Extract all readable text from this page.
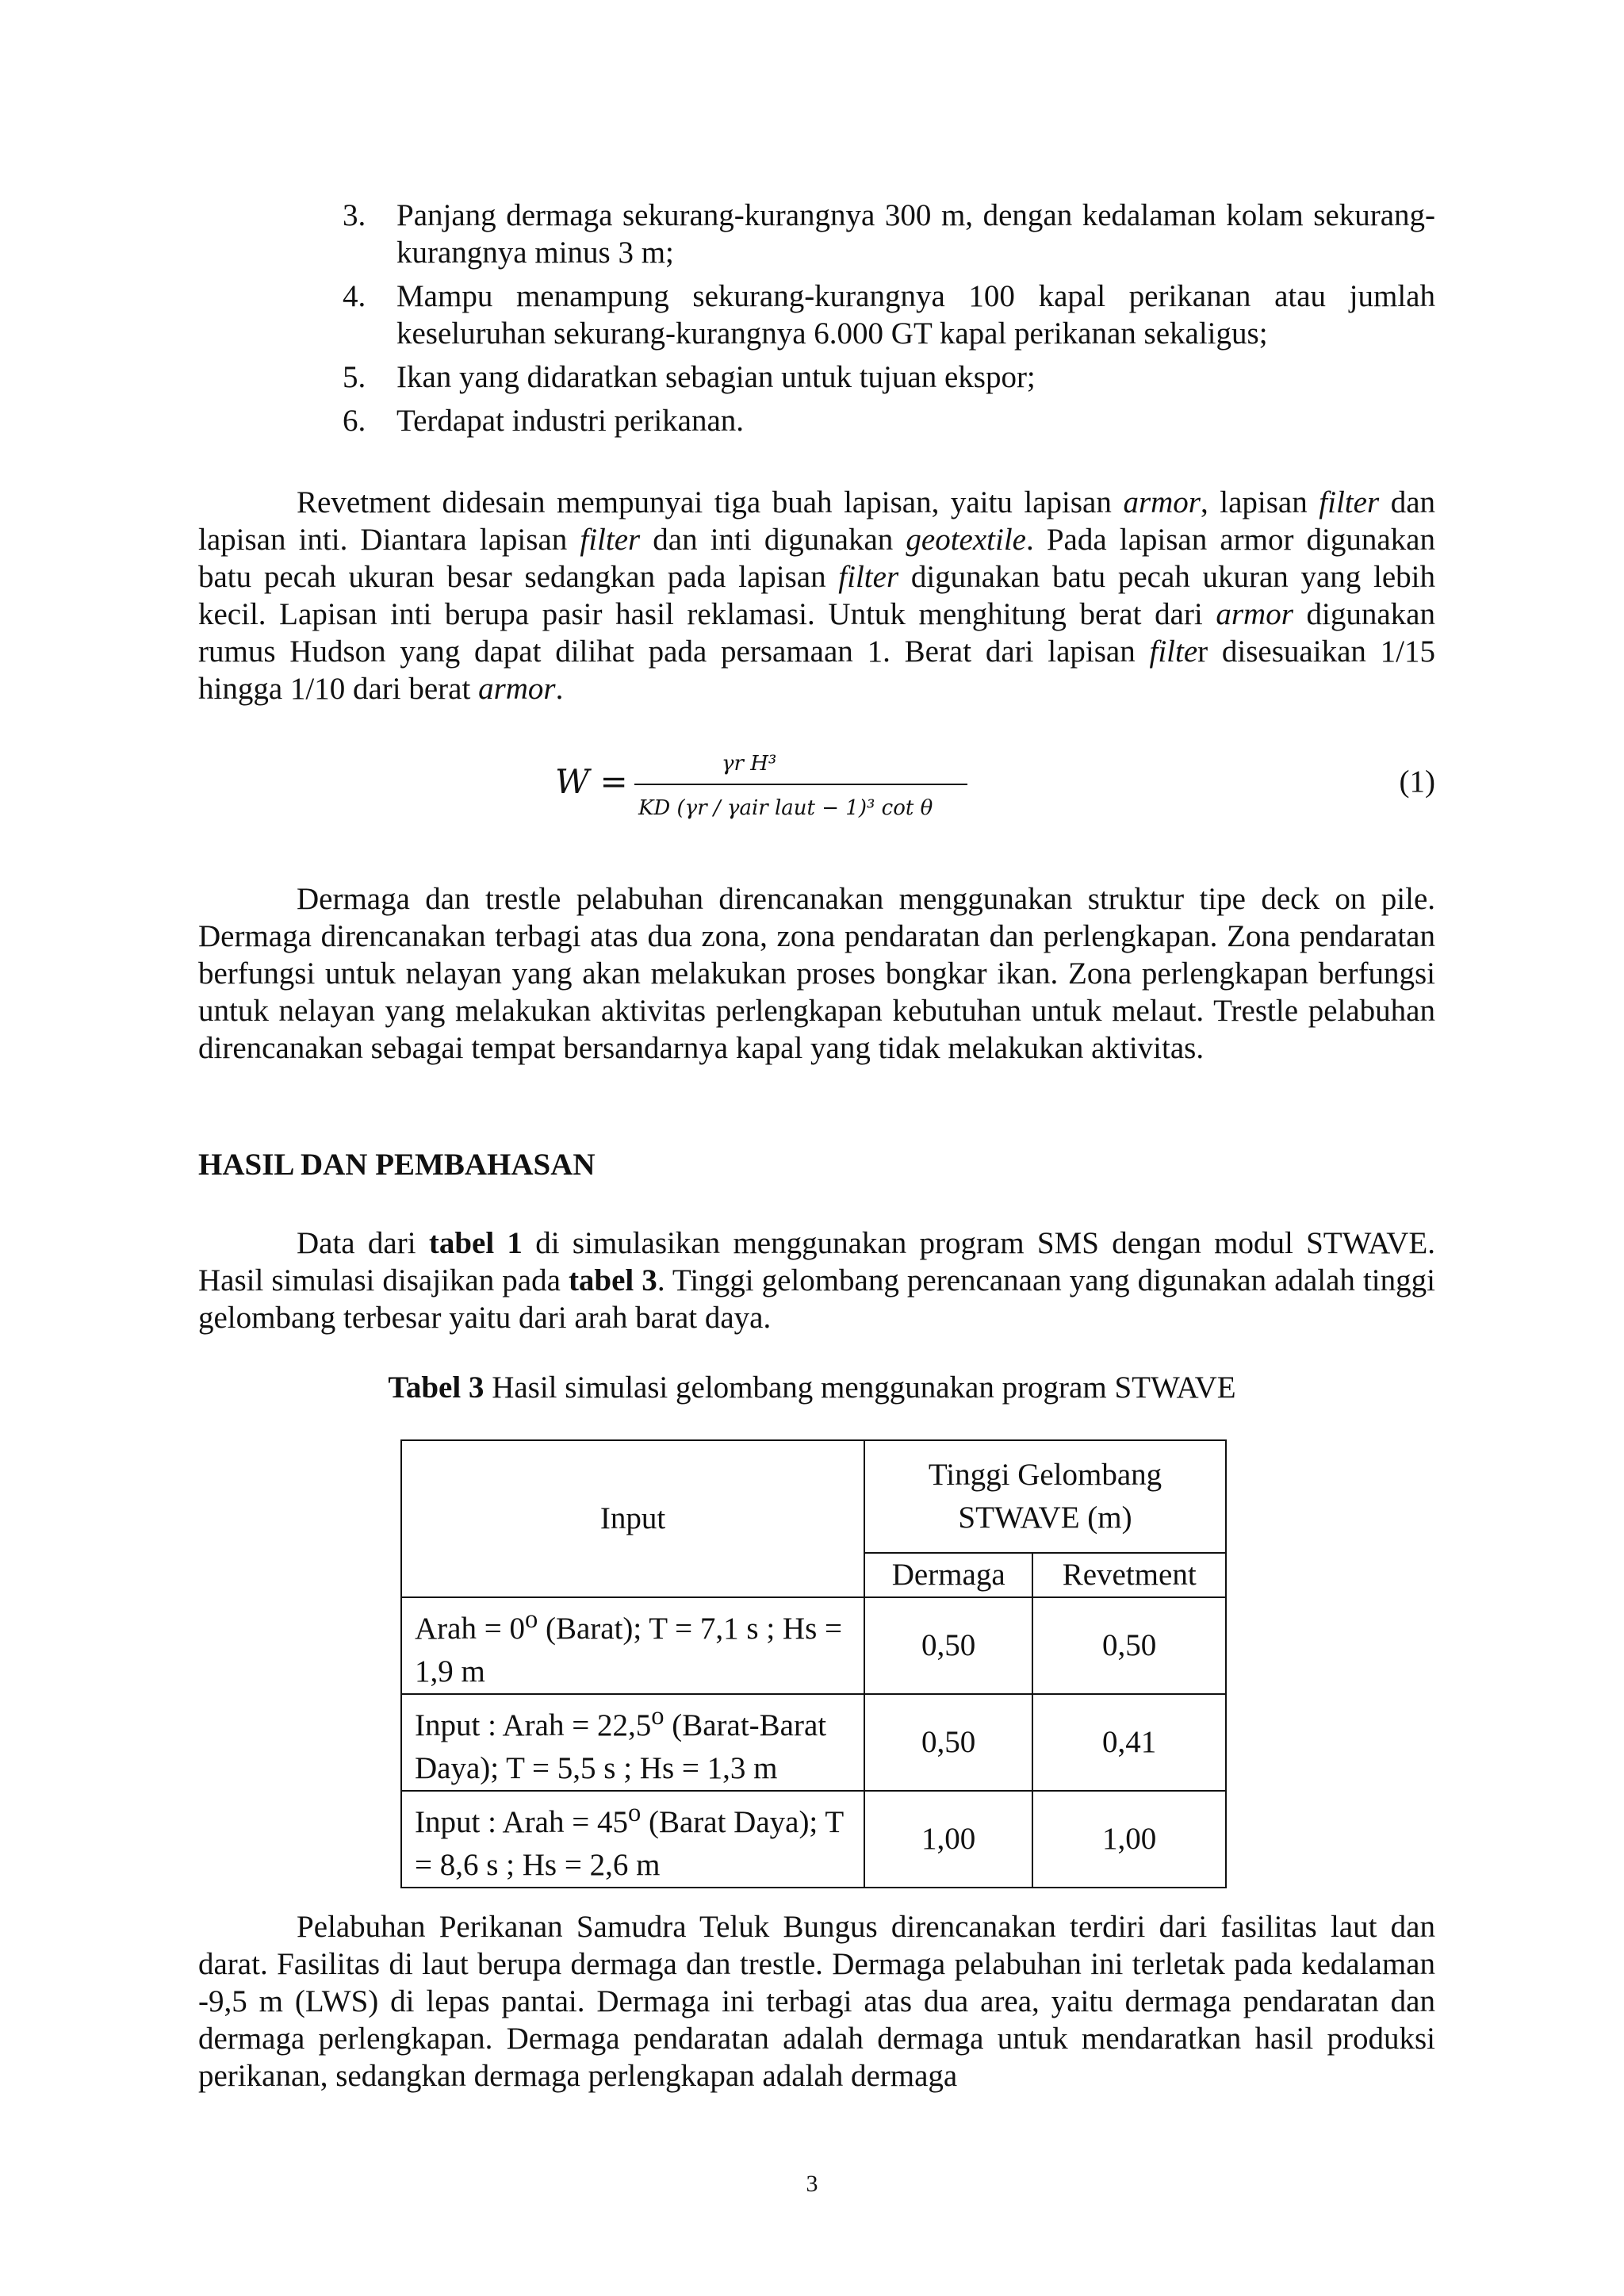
3. Panjang dermaga sekurang-kurangnya 300 m, dengan kedalaman kolam sekurang- kurangnya minus 3 m;
4. Mampu menampung sekurang-kurangnya 100 kapal perikanan atau jumlah keseluruhan sekurang-kurangnya 6.000 GT kapal perikanan sekaligus;
5. Ikan yang didaratkan sebagian untuk tujuan ekspor;
6. Terdapat industri perikanan.

Revetment didesain mempunyai tiga buah lapisan, yaitu lapisan armor, lapisan filter dan lapisan inti. Diantara lapisan filter dan inti digunakan geotextile. Pada lapisan armor digunakan batu pecah ukuran besar sedangkan pada lapisan filter digunakan batu pecah ukuran yang lebih kecil. Lapisan inti berupa pasir hasil reklamasi. Untuk menghitung berat dari armor digunakan rumus Hudson yang dapat dilihat pada persamaan 1. Berat dari lapisan filter disesuaikan 1/15 hingga 1/10 dari berat armor.

W =	γr H³
KD (γr / γair laut − 1)³ cot θ
(1)

Dermaga dan trestle pelabuhan direncanakan menggunakan struktur tipe deck on pile. Dermaga direncanakan terbagi atas dua zona, zona pendaratan dan perlengkapan. Zona pendaratan berfungsi untuk nelayan yang akan melakukan proses bongkar ikan. Zona perlengkapan berfungsi untuk nelayan yang melakukan aktivitas perlengkapan kebutuhan untuk melaut. Trestle pelabuhan direncanakan sebagai tempat bersandarnya kapal yang tidak melakukan aktivitas.

HASIL DAN PEMBAHASAN

Data dari tabel 1 di simulasikan menggunakan program SMS dengan modul STWAVE. Hasil simulasi disajikan pada tabel 3. Tinggi gelombang perencanaan yang digunakan adalah tinggi gelombang terbesar yaitu dari arah barat daya.

Tabel 3 Hasil simulasi gelombang menggunakan program STWAVE

Input	Tinggi Gelombang STWAVE (m)	
	Dermaga	Revetment
Arah = $0^o$ (Barat); T = 7,1 s ; Hs = 1,9 m	0,50	0,50
Input : Arah = $22,5^o$ (Barat-Barat Daya); T = 5,5 s ; Hs = 1,3 m	0,50	0,41
Input : Arah = $45^o$ (Barat Daya); T = 8,6 s ; Hs = 2,6 m	1,00	1,00

Pelabuhan Perikanan Samudra Teluk Bungus direncanakan terdiri dari fasilitas laut dan darat. Fasilitas di laut berupa dermaga dan trestle. Dermaga pelabuhan ini terletak pada kedalaman -9,5 m (LWS) di lepas pantai. Dermaga ini terbagi atas dua area, yaitu dermaga pendaratan dan dermaga perlengkapan. Dermaga pendaratan adalah dermaga untuk mendaratkan hasil produksi perikanan, sedangkan dermaga perlengkapan adalah dermaga

3
